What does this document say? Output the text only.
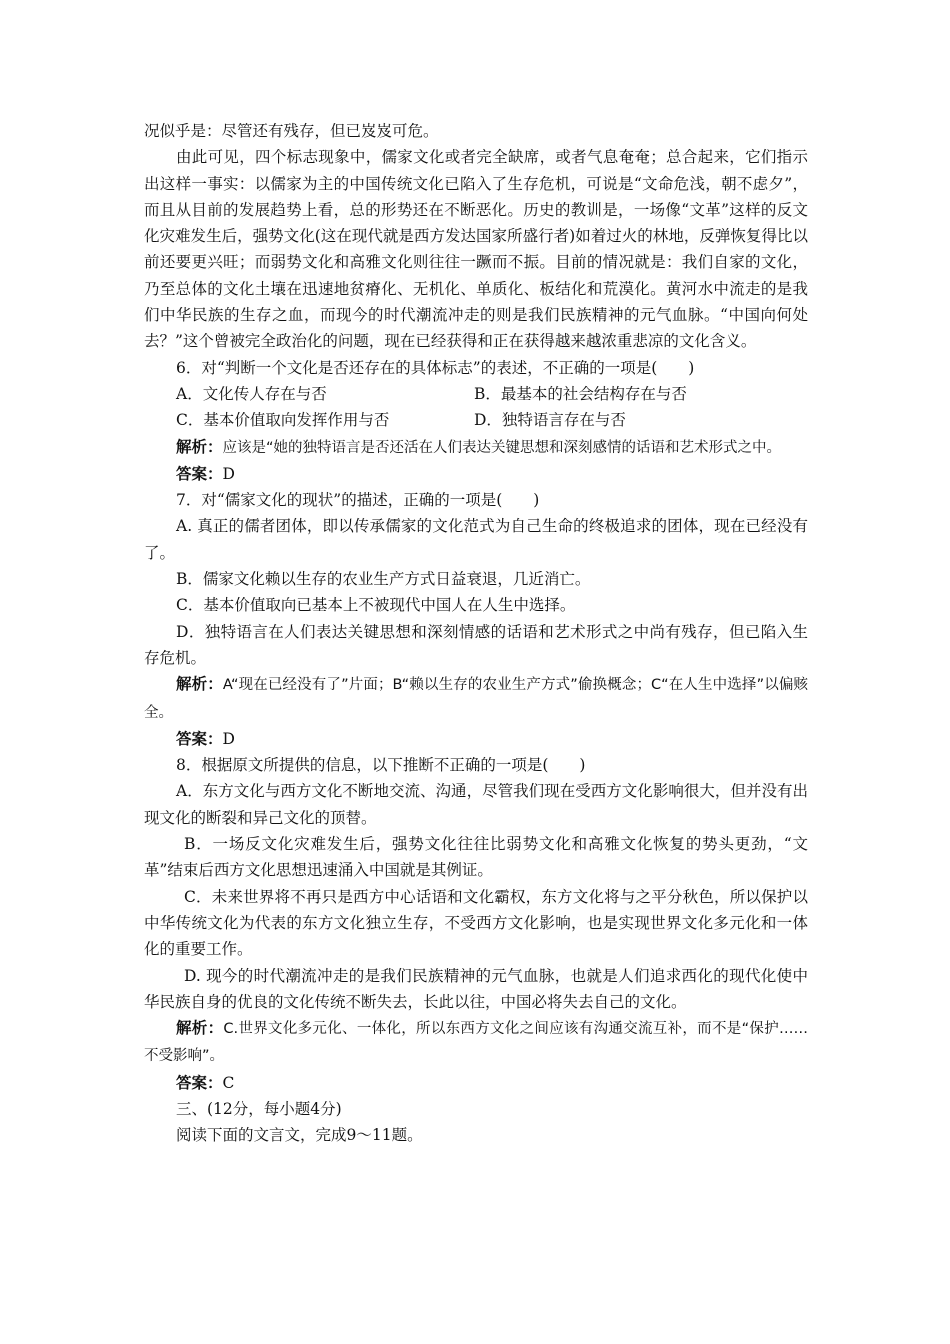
况似乎是：尽管还有残存，但已岌岌可危。

由此可见，四个标志现象中，儒家文化或者完全缺席，或者气息奄奄；总合起来，它们指示出这样一事实：以儒家为主的中国传统文化已陷入了生存危机，可说是“文命危浅，朝不虑夕”，而且从目前的发展趋势上看，总的形势还在不断恶化。历史的教训是，一场像“文革”这样的反文化灾难发生后，强势文化(这在现代就是西方发达国家所盛行者)如着过火的林地，反弹恢复得比以前还要更兴旺；而弱势文化和高雅文化则往往一蹶而不振。目前的情况就是：我们自家的文化，乃至总体的文化土壤在迅速地贫瘠化、无机化、单质化、板结化和荒漠化。黄河水中流走的是我们中华民族的生存之血，而现今的时代潮流冲走的则是我们民族精神的元气血脉。“中国向何处去？”这个曾被完全政治化的问题，现在已经获得和正在获得越来越浓重悲凉的文化含义。

6．对“判断一个文化是否还存在的具体标志”的表述，不正确的一项是(　　)

A．文化传人存在与否	B．最基本的社会结构存在与否
C．基本价值取向发挥作用与否	D．独特语言存在与否

解析：应该是“她的独特语言是否还活在人们表达关键思想和深刻感情的话语和艺术形式之中。

答案：D

7．对“儒家文化的现状”的描述，正确的一项是(　　)

A. 真正的儒者团体，即以传承儒家的文化范式为自己生命的终极追求的团体，现在已经没有了。

B．儒家文化赖以生存的农业生产方式日益衰退，几近消亡。

C．基本价值取向已基本上不被现代中国人在人生中选择。

D．独特语言在人们表达关键思想和深刻情感的话语和艺术形式之中尚有残存，但已陷入生存危机。

解析：A“现在已经没有了”片面；B“赖以生存的农业生产方式”偷换概念；C“在人生中选择”以偏赅全。

答案：D

8．根据原文所提供的信息，以下推断不正确的一项是(　　)

A．东方文化与西方文化不断地交流、沟通，尽管我们现在受西方文化影响很大，但并没有出现文化的断裂和异己文化的顶替。

B．一场反文化灾难发生后，强势文化往往比弱势文化和高雅文化恢复的势头更劲，“文革”结束后西方文化思想迅速涌入中国就是其例证。

C．未来世界将不再只是西方中心话语和文化霸权，东方文化将与之平分秋色，所以保护以中华传统文化为代表的东方文化独立生存，不受西方文化影响，也是实现世界文化多元化和一体化的重要工作。

D. 现今的时代潮流冲走的是我们民族精神的元气血脉，也就是人们追求西化的现代化使中华民族自身的优良的文化传统不断失去，长此以往，中国必将失去自己的文化。

解析：C.世界文化多元化、一体化，所以东西方文化之间应该有沟通交流互补，而不是“保护……不受影响”。

答案：C

三、(12分，每小题4分)

阅读下面的文言文，完成9～11题。
